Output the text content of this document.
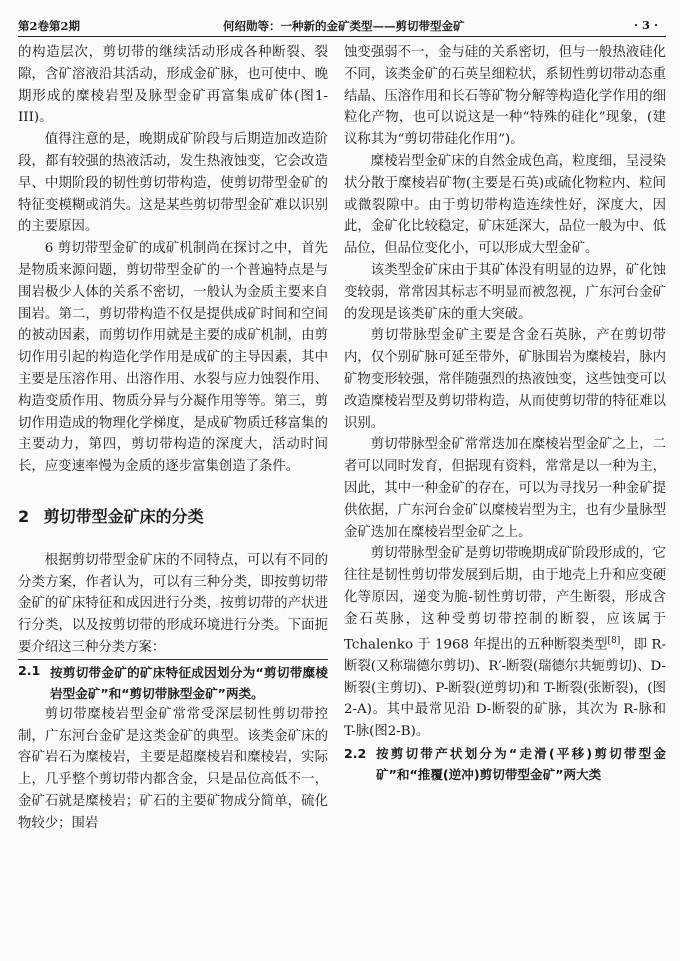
第2卷第2期	何绍勋等：一种新的金矿类型——剪切带型金矿	· 3 ·

的构造层次，剪切带的继续活动形成各种断裂、裂隙，含矿溶液沿其活动，形成金矿脉，也可使中、晚期形成的糜棱岩型及脉型金矿再富集成矿体(图1-III)。

值得注意的是，晚期成矿阶段与后期造加改造阶段，都有较强的热液活动，发生热液蚀变，它会改造早、中期阶段的韧性剪切带构造，使剪切带型金矿的特征变模糊或消失。这是某些剪切带型金矿难以识别的主要原因。

6 剪切带型金矿的成矿机制尚在探讨之中，首先是物质来源问题，剪切带型金矿的一个普遍特点是与围岩极少人体的关系不密切，一般认为金质主要来自围岩。第二，剪切带构造不仅是提供成矿时间和空间的被动因素，而剪切作用就是主要的成矿机制，由剪切作用引起的构造化学作用是成矿的主导因素，其中主要是压溶作用、出溶作用、水裂与应力蚀裂作用、构造变质作用、物质分异与分凝作用等等。第三，剪切作用造成的物理化学梯度，是成矿物质迁移富集的主要动力，第四，剪切带构造的深度大，活动时间长，应变速率慢为金质的逐步富集创造了条件。

2 剪切带型金矿床的分类

根据剪切带型金矿床的不同特点，可以有不同的分类方案，作者认为，可以有三种分类，即按剪切带金矿的矿床特征和成因进行分类，按剪切带的产状进行分类，以及按剪切带的形成环境进行分类。下面扼要介绍这三种分类方案：

2.1 按剪切带金矿的矿床特征成因划分为“剪切带糜棱岩型金矿”和“剪切带脉型金矿”两类。

剪切带糜棱岩型金矿常常受深层韧性剪切带控制，广东河台金矿是这类金矿的典型。该类金矿床的容矿岩石为糜棱岩，主要是超糜棱岩和糜棱岩，实际上，几乎整个剪切带内都含金，只是品位高低不一，金矿石就是糜棱岩；矿石的主要矿物成分简单，硫化物较少；围岩

蚀变强弱不一，金与硅的关系密切，但与一般热液硅化不同，该类金矿的石英呈细粒状，系韧性剪切带动态重结晶、压溶作用和长石等矿物分解等构造化学作用的细粒化产物，也可以说这是一种“特殊的硅化”现象，(建议称其为“剪切带硅化作用”)。

糜棱岩型金矿床的自然金成色高，粒度细，呈浸染状分散于糜棱岩矿物(主要是石英)或硫化物粒内、粒间或微裂隙中。由于剪切带构造连续性好，深度大，因此，金矿化比较稳定，矿床延深大，品位一般为中、低品位，但品位变化小，可以形成大型金矿。

该类型金矿床由于其矿体没有明显的边界，矿化蚀变较弱，常常因其标志不明显而被忽视，广东河台金矿的发现是该类矿床的重大突破。

剪切带脉型金矿主要是含金石英脉，产在剪切带内，仅个别矿脉可延至带外，矿脉围岩为糜棱岩，脉内矿物变形较强，常伴随强烈的热液蚀变，这些蚀变可以改造糜棱岩型及剪切带构造，从而使剪切带的特征难以识别。

剪切带脉型金矿常常迭加在糜棱岩型金矿之上，二者可以同时发育，但据现有资料，常常是以一种为主，因此，其中一种金矿的存在，可以为寻找另一种金矿提供依据，广东河台金矿以糜棱岩型为主，也有少量脉型金矿迭加在糜棱岩型金矿之上。

剪切带脉型金矿是剪切带晚期成矿阶段形成的，它往往是韧性剪切带发展到后期，由于地壳上升和应变硬化等原因，递变为脆-韧性剪切带，产生断裂，形成含金石英脉，这种受剪切带控制的断裂，应该属于 Tchalenko 于 1968 年提出的五种断裂类型[8]，即 R-断裂(又称瑞德尔剪切)、R′-断裂(瑞德尔共轭剪切)、D-断裂(主剪切)、P-断裂(逆剪切)和 T-断裂(张断裂)，(图2-A)。其中最常见沿 D-断裂的矿脉，其次为 R-脉和 T-脉(图2-B)。

2.2 按剪切带产状划分为“走滑(平移)剪切带型金矿”和“推覆(逆冲)剪切带型金矿”两大类
